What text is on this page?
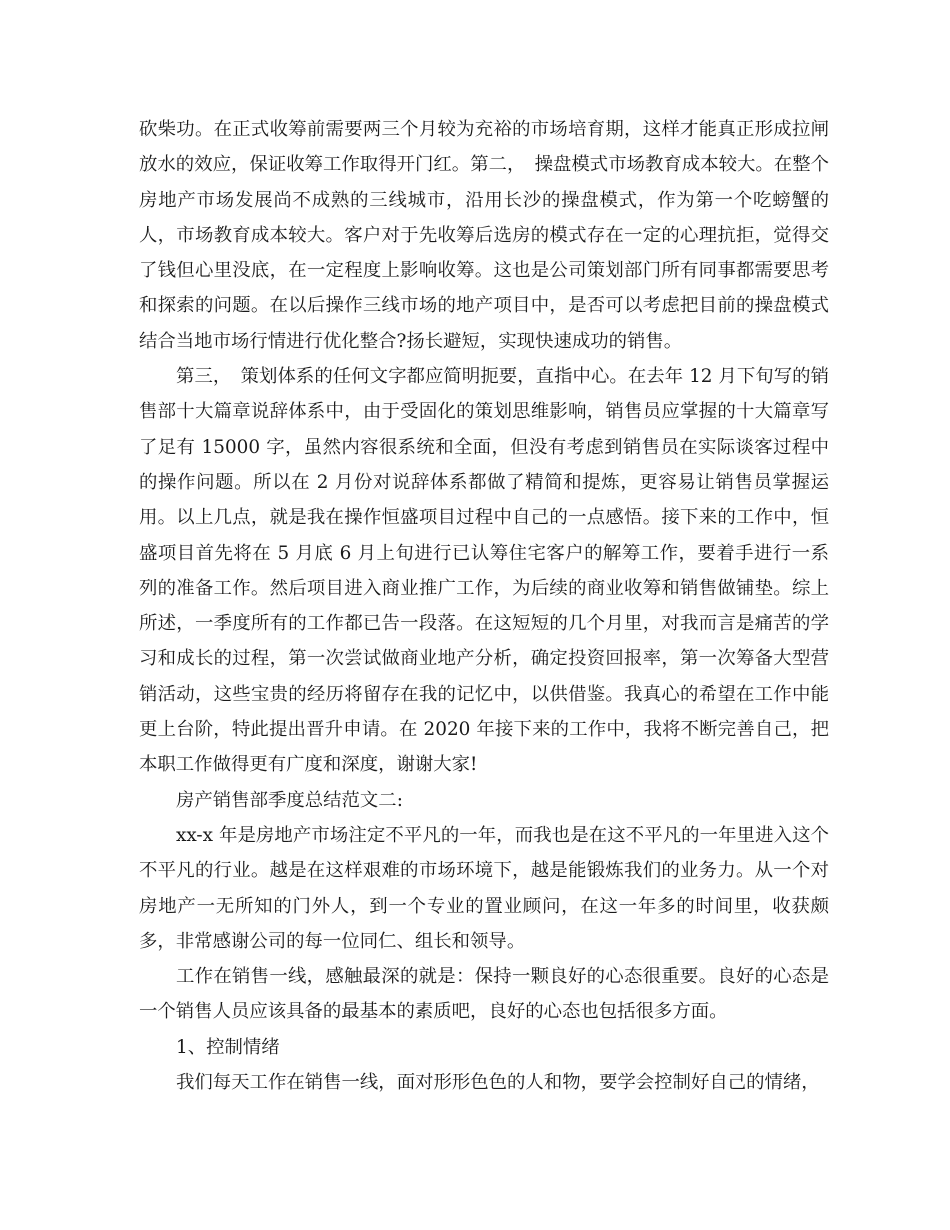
砍柴功。在正式收筹前需要两三个月较为充裕的市场培育期，这样才能真正形成拉闸放水的效应，保证收筹工作取得开门红。第二，　操盘模式市场教育成本较大。在整个房地产市场发展尚不成熟的三线城市，沿用长沙的操盘模式，作为第一个吃螃蟹的人，市场教育成本较大。客户对于先收筹后选房的模式存在一定的心理抗拒，觉得交了钱但心里没底，在一定程度上影响收筹。这也是公司策划部门所有同事都需要思考和探索的问题。在以后操作三线市场的地产项目中，是否可以考虑把目前的操盘模式结合当地市场行情进行优化整合?扬长避短，实现快速成功的销售。

第三，　策划体系的任何文字都应简明扼要，直指中心。在去年 12 月下旬写的销售部十大篇章说辞体系中，由于受固化的策划思维影响，销售员应掌握的十大篇章写了足有 15000 字，虽然内容很系统和全面，但没有考虑到销售员在实际谈客过程中的操作问题。所以在 2 月份对说辞体系都做了精简和提炼，更容易让销售员掌握运用。以上几点，就是我在操作恒盛项目过程中自己的一点感悟。接下来的工作中，恒盛项目首先将在 5 月底 6 月上旬进行已认筹住宅客户的解筹工作，要着手进行一系列的准备工作。然后项目进入商业推广工作，为后续的商业收筹和销售做铺垫。综上所述，一季度所有的工作都已告一段落。在这短短的几个月里，对我而言是痛苦的学习和成长的过程，第一次尝试做商业地产分析，确定投资回报率，第一次筹备大型营销活动，这些宝贵的经历将留存在我的记忆中，以供借鉴。我真心的希望在工作中能更上台阶，特此提出晋升申请。在 2020 年接下来的工作中，我将不断完善自己，把本职工作做得更有广度和深度，谢谢大家!

房产销售部季度总结范文二:

xx-x 年是房地产市场注定不平凡的一年，而我也是在这不平凡的一年里进入这个不平凡的行业。越是在这样艰难的市场环境下，越是能锻炼我们的业务力。从一个对房地产一无所知的门外人，到一个专业的置业顾问，在这一年多的时间里，收获颇多，非常感谢公司的每一位同仁、组长和领导。

工作在销售一线，感触最深的就是：保持一颗良好的心态很重要。良好的心态是一个销售人员应该具备的最基本的素质吧，良好的心态也包括很多方面。

1、控制情绪

我们每天工作在销售一线，面对形形色色的人和物，要学会控制好自己的情绪，
